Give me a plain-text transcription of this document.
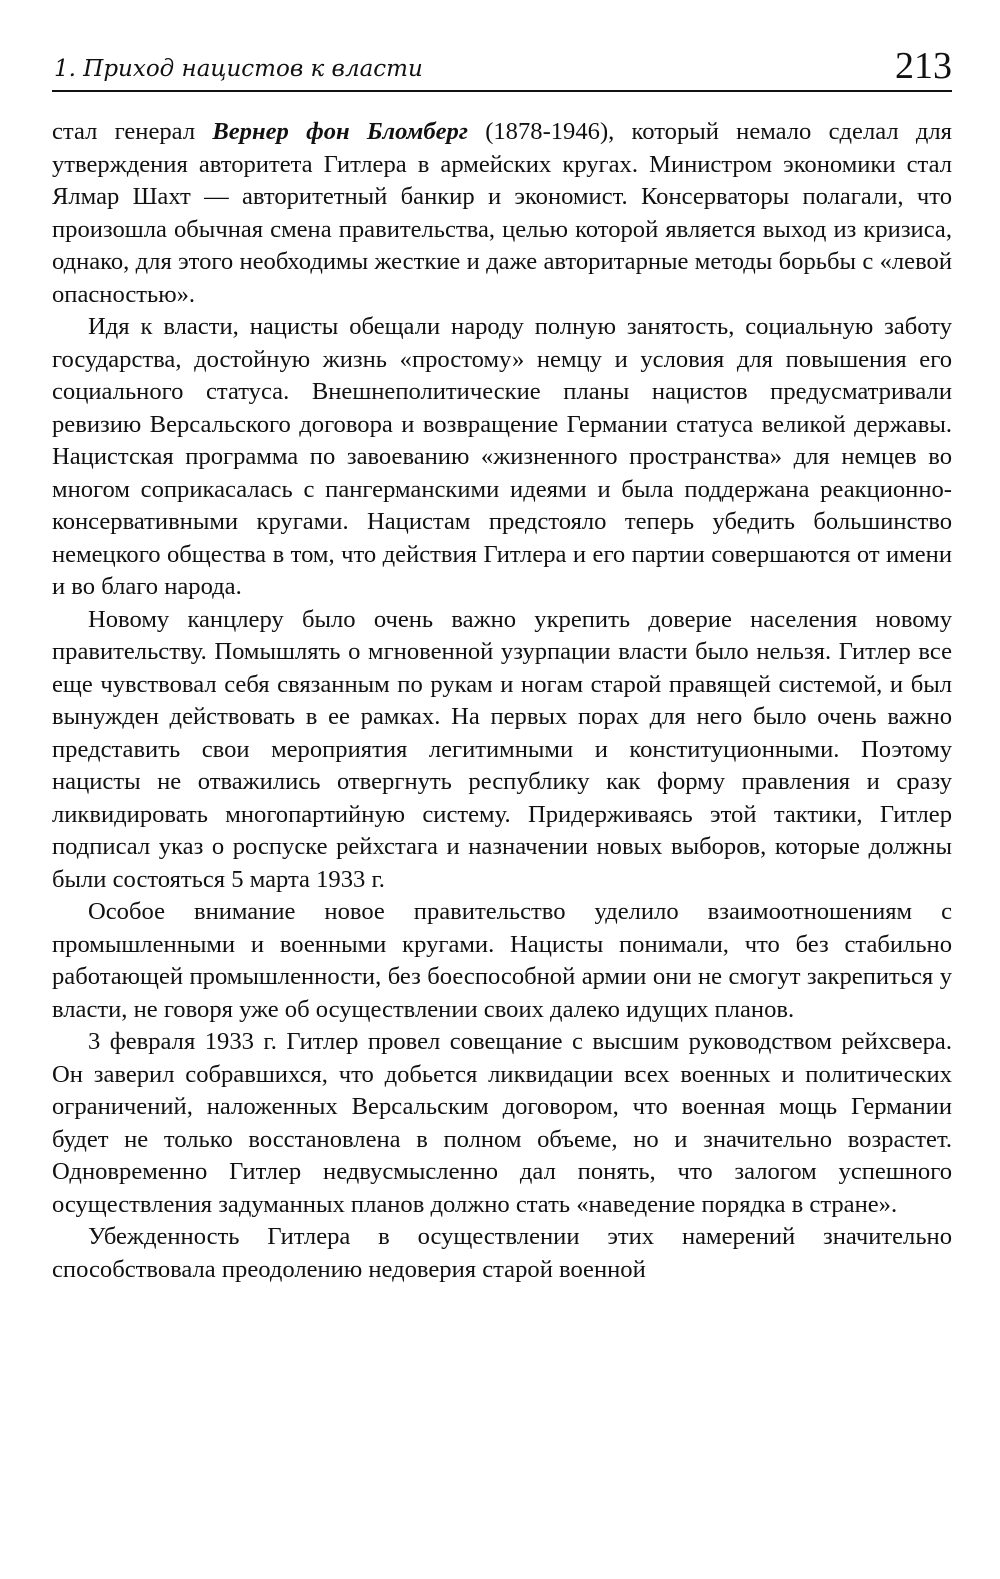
1. Приход нацистов к власти	213

стал генерал Вернер фон Бломберг (1878-1946), который немало сделал для утверждения авторитета Гитлера в армейских кругах. Министром экономики стал Ялмар Шахт — авторитетный банкир и экономист. Консерваторы полагали, что произошла обычная смена правительства, целью которой является выход из кризиса, однако, для этого необходимы жесткие и даже авторитарные методы борьбы с «левой опасностью».

Идя к власти, нацисты обещали народу полную занятость, социальную заботу государства, достойную жизнь «простому» немцу и условия для повышения его социального статуса. Внешнеполитические планы нацистов предусматривали ревизию Версальского договора и возвращение Германии статуса великой державы. Нацистская программа по завоеванию «жизненного пространства» для немцев во многом соприкасалась с пангерманскими идеями и была поддержана реакционно-консервативными кругами. Нацистам предстояло теперь убедить большинство немецкого общества в том, что действия Гитлера и его партии совершаются от имени и во благо народа.

Новому канцлеру было очень важно укрепить доверие населения новому правительству. Помышлять о мгновенной узурпации власти было нельзя. Гитлер все еще чувствовал себя связанным по рукам и ногам старой правящей системой, и был вынужден действовать в ее рамках. На первых порах для него было очень важно представить свои мероприятия легитимными и конституционными. Поэтому нацисты не отважились отвергнуть республику как форму правления и сразу ликвидировать многопартийную систему. Придерживаясь этой тактики, Гитлер подписал указ о роспуске рейхстага и назначении новых выборов, которые должны были состояться 5 марта 1933 г.

Особое внимание новое правительство уделило взаимоотношениям с промышленными и военными кругами. Нацисты понимали, что без стабильно работающей промышленности, без боеспособной армии они не смогут закрепиться у власти, не говоря уже об осуществлении своих далеко идущих планов.

3 февраля 1933 г. Гитлер провел совещание с высшим руководством рейхсвера. Он заверил собравшихся, что добьется ликвидации всех военных и политических ограничений, наложенных Версальским договором, что военная мощь Германии будет не только восстановлена в полном объеме, но и значительно возрастет. Одновременно Гитлер недвусмысленно дал понять, что залогом успешного осуществления задуманных планов должно стать «наведение порядка в стране».

Убежденность Гитлера в осуществлении этих намерений значительно способствовала преодолению недоверия старой военной
